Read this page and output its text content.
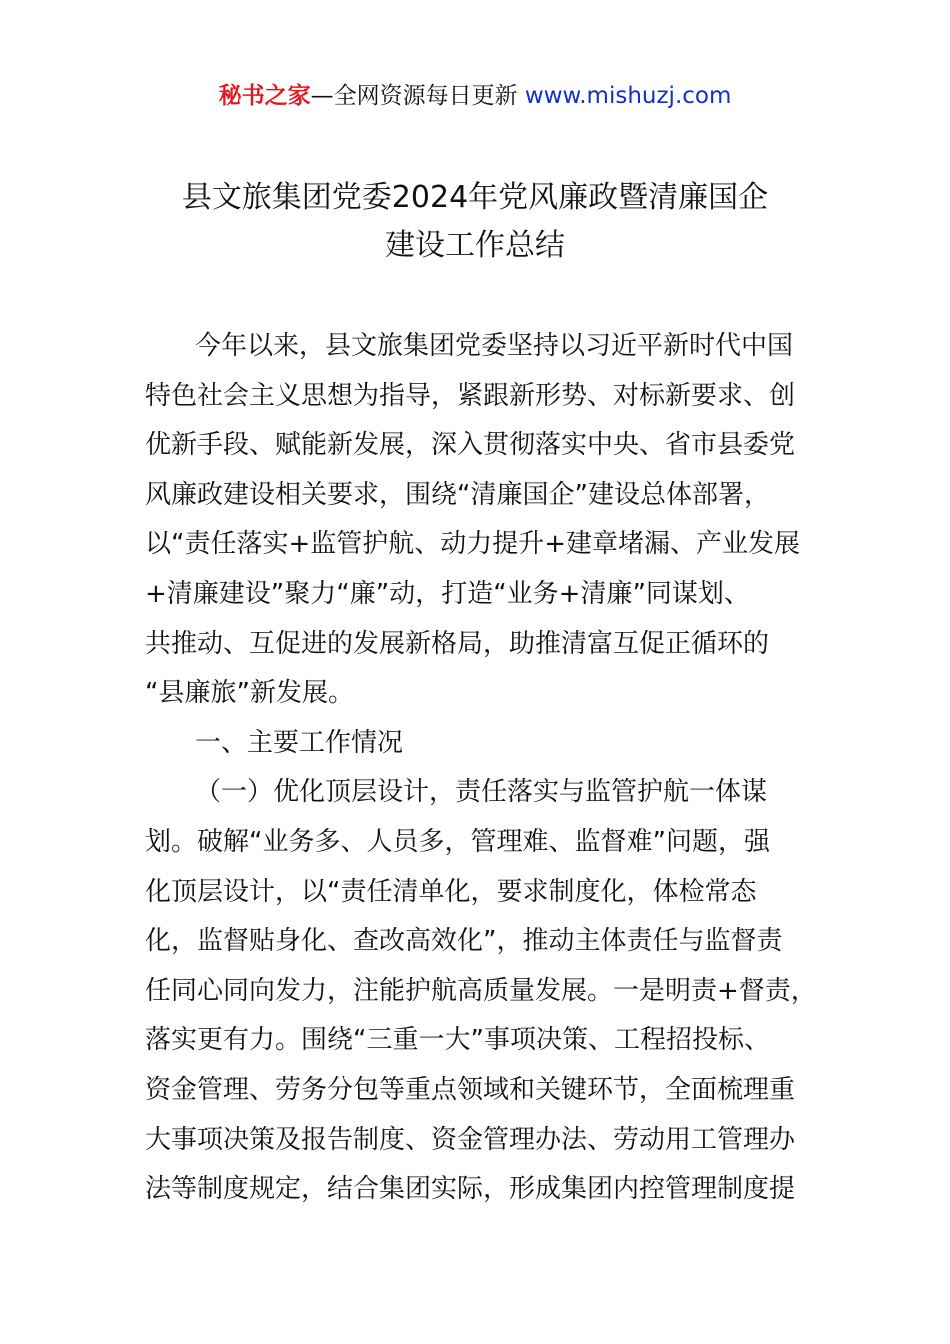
秘书之家—全网资源每日更新 www.mishuzj.com
县文旅集团党委2024年党风廉政暨清廉国企
建设工作总结
今年以来，县文旅集团党委坚持以习近平新时代中国
特色社会主义思想为指导，紧跟新形势、对标新要求、创
优新手段、赋能新发展，深入贯彻落实中央、省市县委党
风廉政建设相关要求，围绕“清廉国企”建设总体部署，
以“责任落实+监管护航、动力提升+建章堵漏、产业发展
+清廉建设”聚力“廉”动，打造“业务+清廉”同谋划、
共推动、互促进的发展新格局，助推清富互促正循环的
“县廉旅”新发展。
一、主要工作情况
（一）优化顶层设计，责任落实与监管护航一体谋
划。破解“业务多、人员多，管理难、监督难”问题，强
化顶层设计，以“责任清单化，要求制度化，体检常态
化，监督贴身化、查改高效化”，推动主体责任与监督责
任同心同向发力，注能护航高质量发展。一是明责+督责，
落实更有力。围绕“三重一大”事项决策、工程招投标、
资金管理、劳务分包等重点领域和关键环节，全面梳理重
大事项决策及报告制度、资金管理办法、劳动用工管理办
法等制度规定，结合集团实际，形成集团内控管理制度提
